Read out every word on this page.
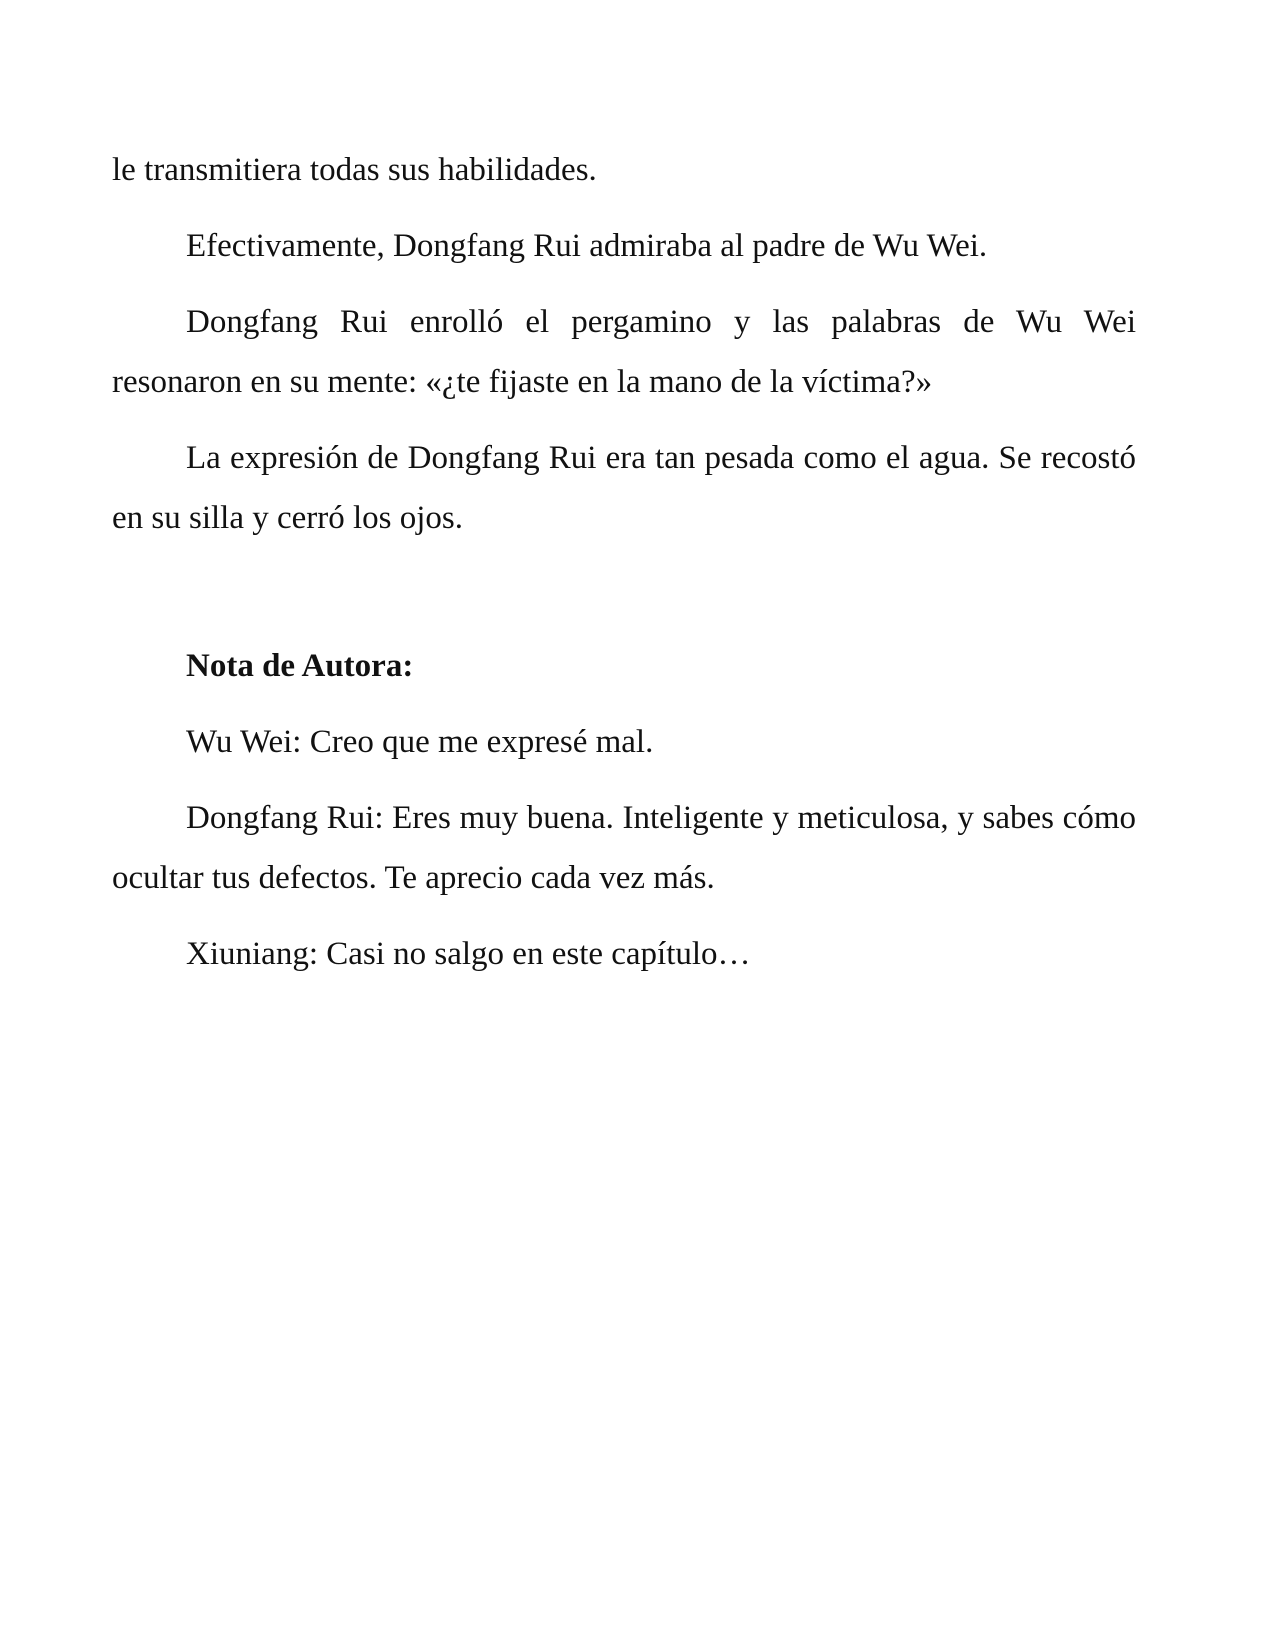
le transmitiera todas sus habilidades.

Efectivamente, Dongfang Rui admiraba al padre de Wu Wei.

Dongfang Rui enrolló el pergamino y las palabras de Wu Wei resonaron en su mente: «¿te fijaste en la mano de la víctima?»

La expresión de Dongfang Rui era tan pesada como el agua. Se recostó en su silla y cerró los ojos.

Nota de Autora:

Wu Wei: Creo que me expresé mal.

Dongfang Rui: Eres muy buena. Inteligente y meticulosa, y sabes cómo ocultar tus defectos. Te aprecio cada vez más.

Xiuniang: Casi no salgo en este capítulo…
